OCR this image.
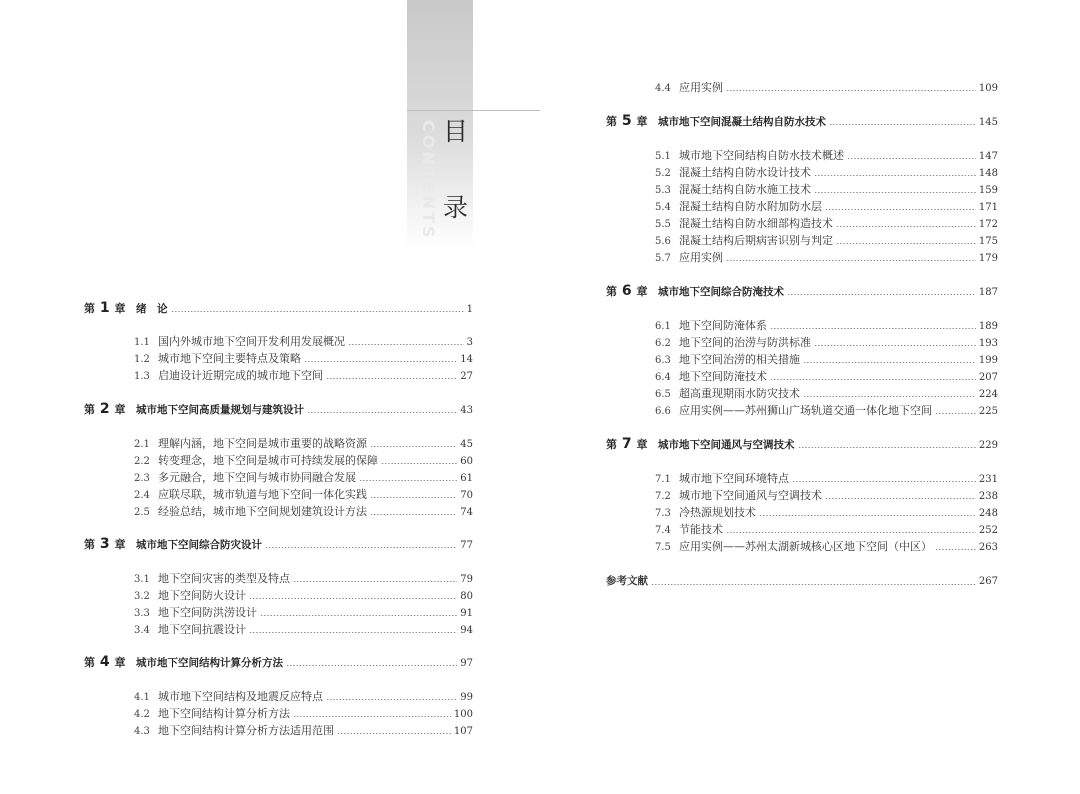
CONTENTS 目
录
第 1 章	绪　论	1
1.1 国内外城市地下空间开发利用发展概况	3
1.2 城市地下空间主要特点及策略	14
1.3 启迪设计近期完成的城市地下空间	27
第 2 章	城市地下空间高质量规划与建筑设计	43
2.1 理解内涵，地下空间是城市重要的战略资源	45
2.2 转变理念，地下空间是城市可持续发展的保障	60
2.3 多元融合，地下空间与城市协同融合发展	61
2.4 应联尽联，城市轨道与地下空间一体化实践	70
2.5 经验总结，城市地下空间规划建筑设计方法	74
第 3 章	城市地下空间综合防灾设计	77
3.1 地下空间灾害的类型及特点	79
3.2 地下空间防火设计	80
3.3 地下空间防洪涝设计	91
3.4 地下空间抗震设计	94
第 4 章	城市地下空间结构计算分析方法	97
4.1 城市地下空间结构及地震反应特点	99
4.2 地下空间结构计算分析方法	100
4.3 地下空间结构计算分析方法适用范围	107
4.4 应用实例	109
第 5 章	城市地下空间混凝土结构自防水技术	145
5.1 城市地下空间结构自防水技术概述	147
5.2 混凝土结构自防水设计技术	148
5.3 混凝土结构自防水施工技术	159
5.4 混凝土结构自防水附加防水层	171
5.5 混凝土结构自防水细部构造技术	172
5.6 混凝土结构后期病害识别与判定	175
5.7 应用实例	179
第 6 章	城市地下空间综合防淹技术	187
6.1 地下空间防淹体系	189
6.2 地下空间的治涝与防洪标准	193
6.3 地下空间治涝的相关措施	199
6.4 地下空间防淹技术	207
6.5 超高重现期雨水防灾技术	224
6.6 应用实例——苏州狮山广场轨道交通一体化地下空间	225
第 7 章	城市地下空间通风与空调技术	229
7.1 城市地下空间环境特点	231
7.2 城市地下空间通风与空调技术	238
7.3 冷热源规划技术	248
7.4 节能技术	252
7.5 应用实例——苏州太湖新城核心区地下空间（中区）	263
参考文献	267
